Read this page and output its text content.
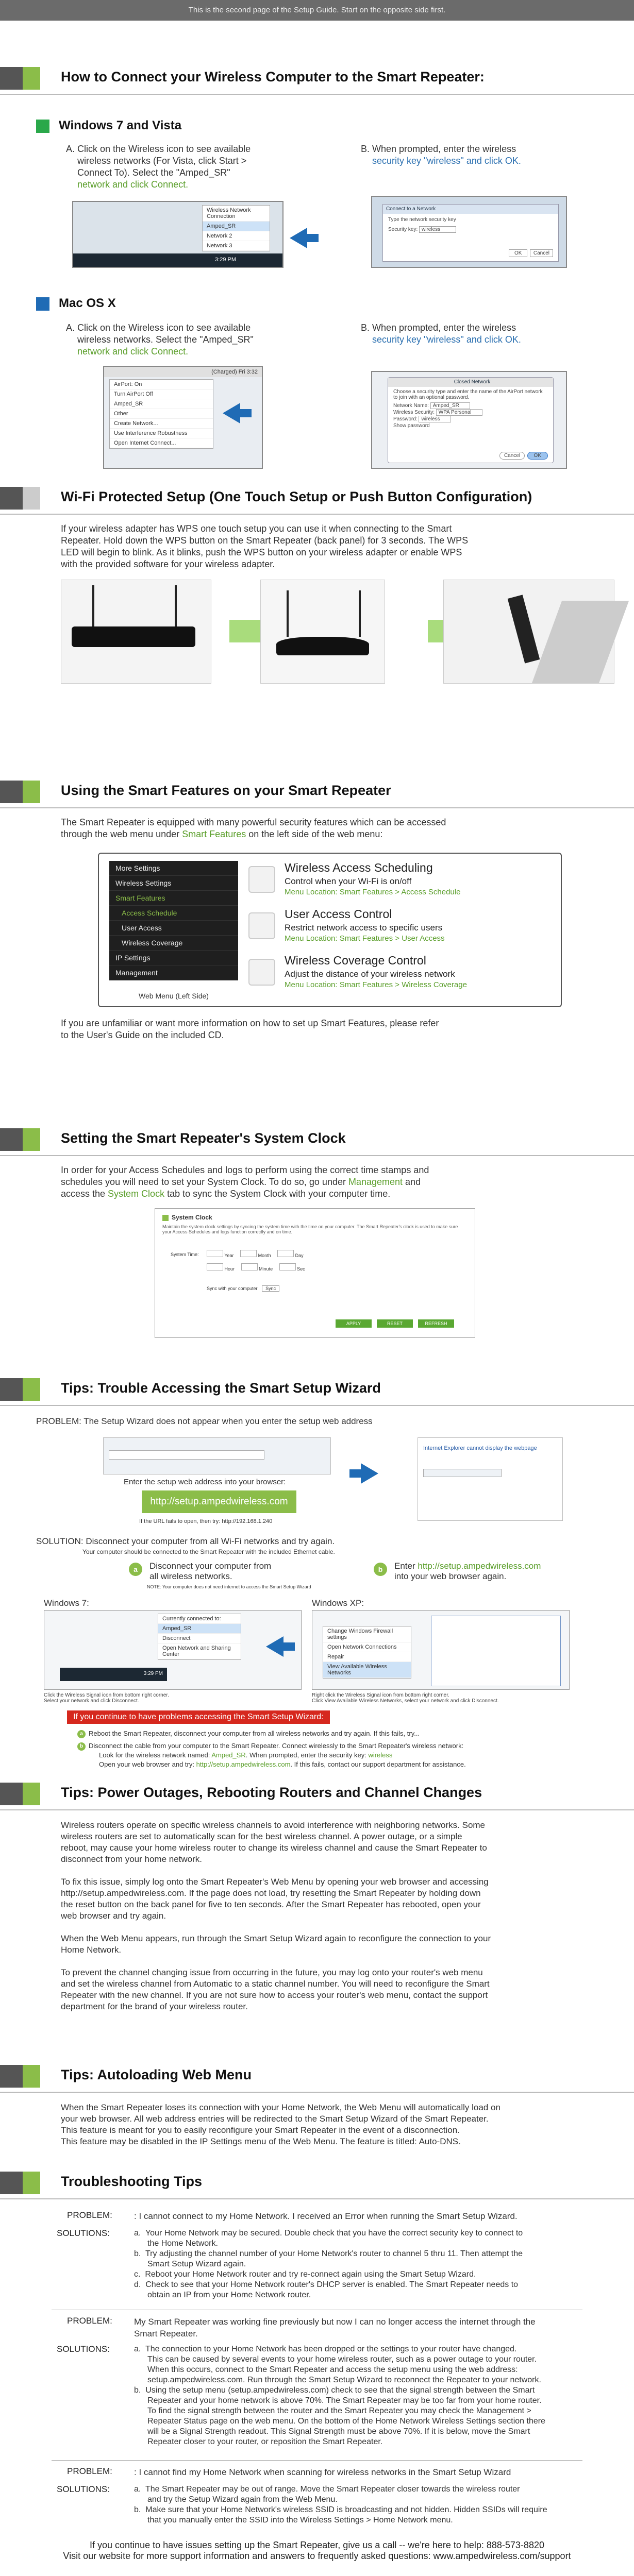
This is the second page of the Setup Guide. Start on the opposite side first.
How to Connect your Wireless Computer to the Smart Repeater:
Windows 7 and Vista
A. Click on the Wireless icon to see available
wireless networks (For Vista, click Start >
Connect To). Select the "Amped_SR"
network and click Connect.
B. When prompted, enter the wireless
security key "wireless" and click OK.
Wireless Network Connection
Amped_SR
Network 2
Network 3
3:29 PM
Connect to a Network
Type the network security key
Security key: wireless
OK Cancel
Mac OS X
A. Click on the Wireless icon to see available
wireless networks. Select the "Amped_SR"
network and click Connect.
B. When prompted, enter the wireless
security key "wireless" and click OK.
(Charged) Fri 3:32
AirPort: On
Turn AirPort Off
Amped_SR
Other
Create Network...
Use Interference Robustness
Open Internet Connect...
Closed Network
Choose a security type and enter the name of the AirPort network to join with an optional password.
Network Name: Amped_SR
Wireless Security: WPA Personal
Password: wireless
Show password
Cancel	OK
Wi-Fi Protected Setup (One Touch Setup or Push Button Configuration)
If your wireless adapter has WPS one touch setup you can use it when connecting to the Smart
Repeater. Hold down the WPS button on the Smart Repeater (back panel) for 3 seconds. The WPS
LED will begin to blink. As it blinks, push the WPS button on your wireless adapter or enable WPS
with the provided software for your wireless adapter.
Using the Smart Features on your Smart Repeater
The Smart Repeater is equipped with many powerful security features which can be accessed
through the web menu under Smart Features on the left side of the web menu:
More Settings
Wireless Settings
Smart Features
Access Schedule
User Access
Wireless Coverage
IP Settings
Management
Web Menu (Left Side)
Wireless Access Scheduling
Control when your Wi-Fi is on/off
Menu Location: Smart Features > Access Schedule
User Access Control
Restrict network access to specific users
Menu Location: Smart Features > User Access
Wireless Coverage Control
Adjust the distance of your wireless network
Menu Location: Smart Features > Wireless Coverage
If you are unfamiliar or want more information on how to set up Smart Features, please refer
to the User's Guide on the included CD.
Setting the Smart Repeater's System Clock
In order for your Access Schedules and logs to perform using the correct time stamps and
schedules you will need to set your System Clock. To do so, go under Management and
access the System Clock tab to sync the System Clock with your computer time.
System Clock
Maintain the system clock settings by syncing the system time with the time on your computer. The Smart Repeater's clock is used to make sure your Access Schedules and logs function correctly and on time.
System Time:	Year	Month	Day

Hour	Minute	Sec
Sync with your computer Sync
APPLY	RESET	REFRESH
Tips: Trouble Accessing the Smart Setup Wizard
PROBLEM: The Setup Wizard does not appear when you enter the setup web address
Enter the setup web address into your browser:
http://setup.ampedwireless.com
If the URL fails to open, then try: http://192.168.1.240
Internet Explorer cannot display the webpage
SOLUTION: Disconnect your computer from all Wi-Fi networks and try again.
Your computer should be connected to the Smart Repeater with the included Ethernet cable.
a	Disconnect your computer from
all wireless networks.
NOTE: Your computer does not need internet to access the Smart Setup Wizard
b	Enter http://setup.ampedwireless.com
into your web browser again.
Windows 7:	Windows XP:
Currently connected to:
Amped_SR
Disconnect
Open Network and Sharing Center
3:29 PM
Change Windows Firewall settings
Open Network Connections
Repair
View Available Wireless Networks
Click the Wireless Signal icon from bottom right corner.
Select your network and click Disconnect.
Right click the Wireless Signal icon from bottom right corner.
Click View Available Wireless Networks, select your network and click Disconnect.
If you continue to have problems accessing the Smart Setup Wizard:
a Reboot the Smart Repeater, disconnect your computer from all wireless networks and try again. If this fails, try...
b Disconnect the cable from your computer to the Smart Repeater. Connect wirelessly to the Smart Repeater's wireless network:
Look for the wireless network named: Amped_SR. When prompted, enter the security key: wireless
Open your web browser and try: http://setup.ampedwireless.com. If this fails, contact our support department for assistance.
Tips: Power Outages, Rebooting Routers and Channel Changes
Wireless routers operate on specific wireless channels to avoid interference with neighboring networks. Some
wireless routers are set to automatically scan for the best wireless channel. A power outage, or a simple
reboot, may cause your home wireless router to change its wireless channel and cause the Smart Repeater to
disconnect from your home network.
To fix this issue, simply log onto the Smart Repeater's Web Menu by opening your web browser and accessing
http://setup.ampedwireless.com. If the page does not load, try resetting the Smart Repeater by holding down
the reset button on the back panel for five to ten seconds. After the Smart Repeater has rebooted, open your
web browser and try again.
When the Web Menu appears, run through the Smart Setup Wizard again to reconfigure the connection to your
Home Network.
To prevent the channel changing issue from occurring in the future, you may log onto your router's web menu
and set the wireless channel from Automatic to a static channel number. You will need to reconfigure the Smart
Repeater with the new channel. If you are not sure how to access your router's web menu, contact the support
department for the brand of your wireless router.
Tips: Autoloading Web Menu
When the Smart Repeater loses its connection with your Home Network, the Web Menu will automatically load on
your web browser. All web address entries will be redirected to the Smart Setup Wizard of the Smart Repeater.
This feature is meant for you to easily reconfigure your Smart Repeater in the event of a disconnection.
This feature may be disabled in the IP Settings menu of the Web Menu. The feature is titled: Auto-DNS.
Troubleshooting Tips
PROBLEM: : I cannot connect to my Home Network. I received an Error when running the Smart Setup Wizard.
SOLUTIONS:	a. Your Home Network may be secured. Double check that you have the correct security key to connect to
the Home Network.
b. Try adjusting the channel number of your Home Network's router to channel 5 thru 11. Then attempt the
Smart Setup Wizard again.
c. Reboot your Home Network router and try re-connect again using the Smart Setup Wizard.
d. Check to see that your Home Network router's DHCP server is enabled. The Smart Repeater needs to
obtain an IP from your Home Network router.
PROBLEM: My Smart Repeater was working fine previously but now I can no longer access the internet through the
Smart Repeater.
SOLUTIONS:	a. The connection to your Home Network has been dropped or the settings to your router have changed.
This can be caused by several events to your home wireless router, such as a power outage to your router.
When this occurs, connect to the Smart Repeater and access the setup menu using the web address:
setup.ampedwireless.com. Run through the Smart Setup Wizard to reconnect the Repeater to your network.
b. Using the setup menu (setup.ampedwireless.com) check to see that the signal strength between the Smart
Repeater and your home network is above 70%. The Smart Repeater may be too far from your home router.
To find the signal strength between the router and the Smart Repeater you may check the Management >
Repeater Status page on the web menu. On the bottom of the Home Network Wireless Settings section there
will be a Signal Strength readout. This Signal Strength must be above 70%. If it is below, move the Smart
Repeater closer to your router, or reposition the Smart Repeater.
PROBLEM: : I cannot find my Home Network when scanning for wireless networks in the Smart Setup Wizard
SOLUTIONS:	a. The Smart Repeater may be out of range. Move the Smart Repeater closer towards the wireless router
and try the Setup Wizard again from the Web Menu.
b. Make sure that your Home Network's wireless SSID is broadcasting and not hidden. Hidden SSIDs will require
that you manually enter the SSID into the Wireless Settings > Home Network menu.
If you continue to have issues setting up the Smart Repeater, give us a call -- we're here to help: 888-573-8820
Visit our website for more support information and answers to frequently asked questions: www.ampedwireless.com/support
